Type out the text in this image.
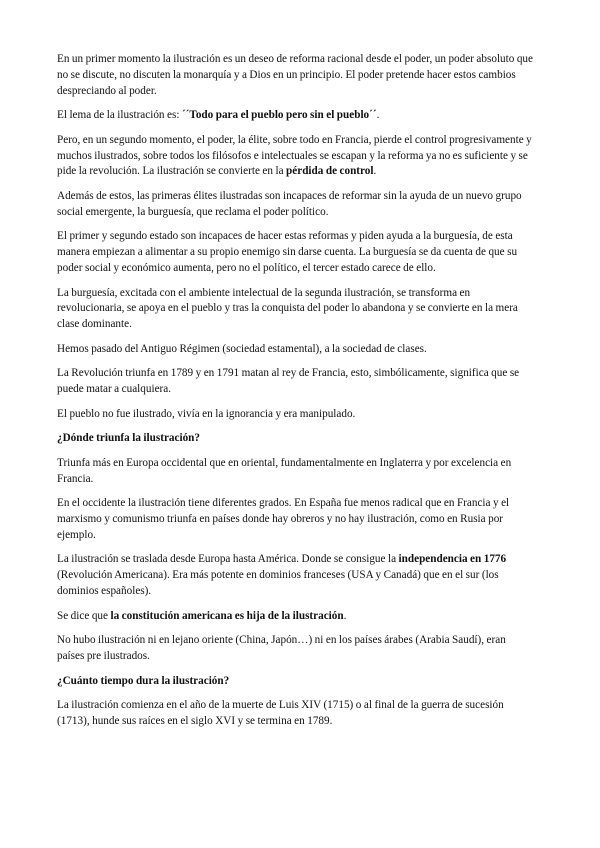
En un primer momento la ilustración es un deseo de reforma racional desde el poder, un poder absoluto que no se discute, no discuten la monarquía y a Dios en un principio. El poder pretende hacer estos cambios despreciando al poder.

El lema de la ilustración es: ´´Todo para el pueblo pero sin el pueblo´´.

Pero, en un segundo momento, el poder, la élite, sobre todo en Francia, pierde el control progresivamente y muchos ilustrados, sobre todos los filósofos e intelectuales se escapan y la reforma ya no es suficiente y se pide la revolución. La ilustración se convierte en la pérdida de control.

Además de estos, las primeras élites ilustradas son incapaces de reformar sin la ayuda de un nuevo grupo social emergente, la burguesía, que reclama el poder político.

El primer y segundo estado son incapaces de hacer estas reformas y piden ayuda a la burguesía, de esta manera empiezan a alimentar a su propio enemigo sin darse cuenta. La burguesía se da cuenta de que su poder social y económico aumenta, pero no el político, el tercer estado carece de ello.

La burguesía, excitada con el ambiente intelectual de la segunda ilustración, se transforma en revolucionaria, se apoya en el pueblo y tras la conquista del poder lo abandona y se convierte en la mera clase dominante.

Hemos pasado del Antiguo Régimen (sociedad estamental), a la sociedad de clases.

La Revolución triunfa en 1789 y en 1791 matan al rey de Francia, esto, simbólicamente, significa que se puede matar a cualquiera.

El pueblo no fue ilustrado, vivía en la ignorancia y era manipulado.

¿Dónde triunfa la ilustración?

Triunfa más en Europa occidental que en oriental, fundamentalmente en Inglaterra y por excelencia en Francia.

En el occidente la ilustración tiene diferentes grados. En España fue menos radical que en Francia y el marxismo y comunismo triunfa en países donde hay obreros y no hay ilustración, como en Rusia por ejemplo.

La ilustración se traslada desde Europa hasta América. Donde se consigue la independencia en 1776 (Revolución Americana). Era más potente en dominios franceses (USA y Canadá) que en el sur (los dominios españoles).

Se dice que la constitución americana es hija de la ilustración.

No hubo ilustración ni en lejano oriente (China, Japón…) ni en los países árabes (Arabia Saudí), eran países pre ilustrados.

¿Cuánto tiempo dura la ilustración?

La ilustración comienza en el año de la muerte de Luis XIV (1715) o al final de la guerra de sucesión (1713), hunde sus raíces en el siglo XVI y se termina en 1789.
